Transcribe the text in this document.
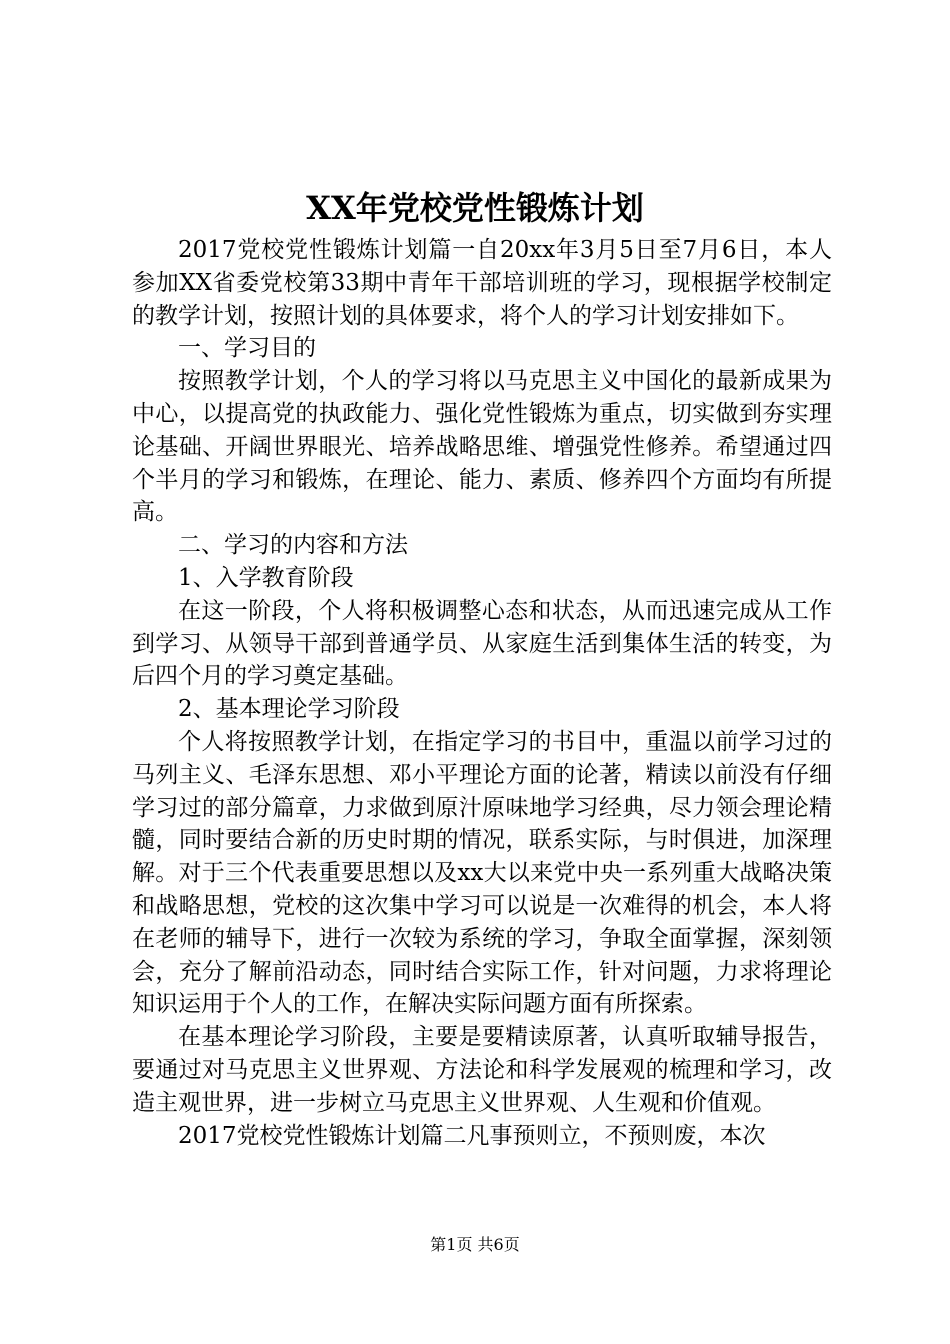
XX年党校党性锻炼计划

2017党校党性锻炼计划篇一自20xx年3月5日至7月6日，本人参加XX省委党校第33期中青年干部培训班的学习，现根据学校制定的教学计划，按照计划的具体要求，将个人的学习计划安排如下。

一、学习目的

按照教学计划，个人的学习将以马克思主义中国化的最新成果为中心，以提高党的执政能力、强化党性锻炼为重点，切实做到夯实理论基础、开阔世界眼光、培养战略思维、增强党性修养。希望通过四个半月的学习和锻炼，在理论、能力、素质、修养四个方面均有所提高。

二、学习的内容和方法

1、入学教育阶段

在这一阶段，个人将积极调整心态和状态，从而迅速完成从工作到学习、从领导干部到普通学员、从家庭生活到集体生活的转变，为后四个月的学习奠定基础。

2、基本理论学习阶段

个人将按照教学计划，在指定学习的书目中，重温以前学习过的马列主义、毛泽东思想、邓小平理论方面的论著，精读以前没有仔细学习过的部分篇章，力求做到原汁原味地学习经典，尽力领会理论精髓，同时要结合新的历史时期的情况，联系实际，与时俱进，加深理解。对于三个代表重要思想以及xx大以来党中央一系列重大战略决策和战略思想，党校的这次集中学习可以说是一次难得的机会，本人将在老师的辅导下，进行一次较为系统的学习，争取全面掌握，深刻领会，充分了解前沿动态，同时结合实际工作，针对问题，力求将理论知识运用于个人的工作，在解决实际问题方面有所探索。

在基本理论学习阶段，主要是要精读原著，认真听取辅导报告，要通过对马克思主义世界观、方法论和科学发展观的梳理和学习，改造主观世界，进一步树立马克思主义世界观、人生观和价值观。

2017党校党性锻炼计划篇二凡事预则立，不预则废，本次

第1页 共6页
